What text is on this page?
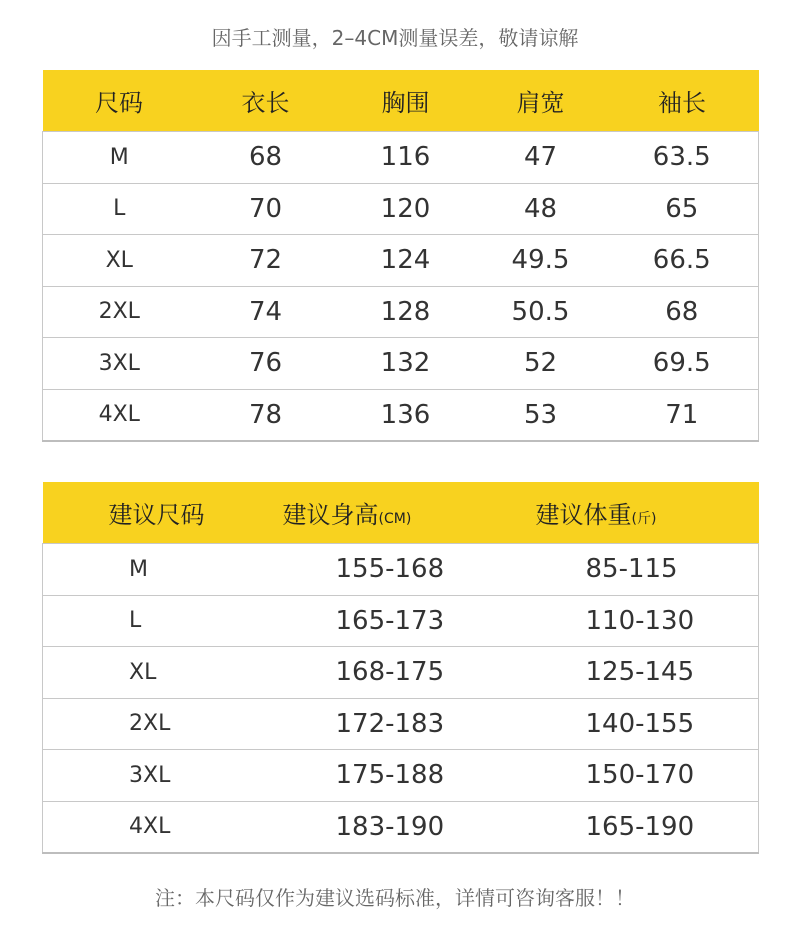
因手工测量，2–4CM测量误差，敬请谅解
尺码	衣长	胸围	肩宽	袖长
M	68	116	47	63.5
L	70	120	48	65
XL	72	124	49.5	66.5
2XL	74	128	50.5	68
3XL	76	132	52	69.5
4XL	78	136	53	71
建议尺码	建议身高(CM)	建议体重(斤)
M	155-168	85-115
L	165-173	110-130
XL	168-175	125-145
2XL	172-183	140-155
3XL	175-188	150-170
4XL	183-190	165-190
注：本尺码仅作为建议选码标准，详情可咨询客服！！
